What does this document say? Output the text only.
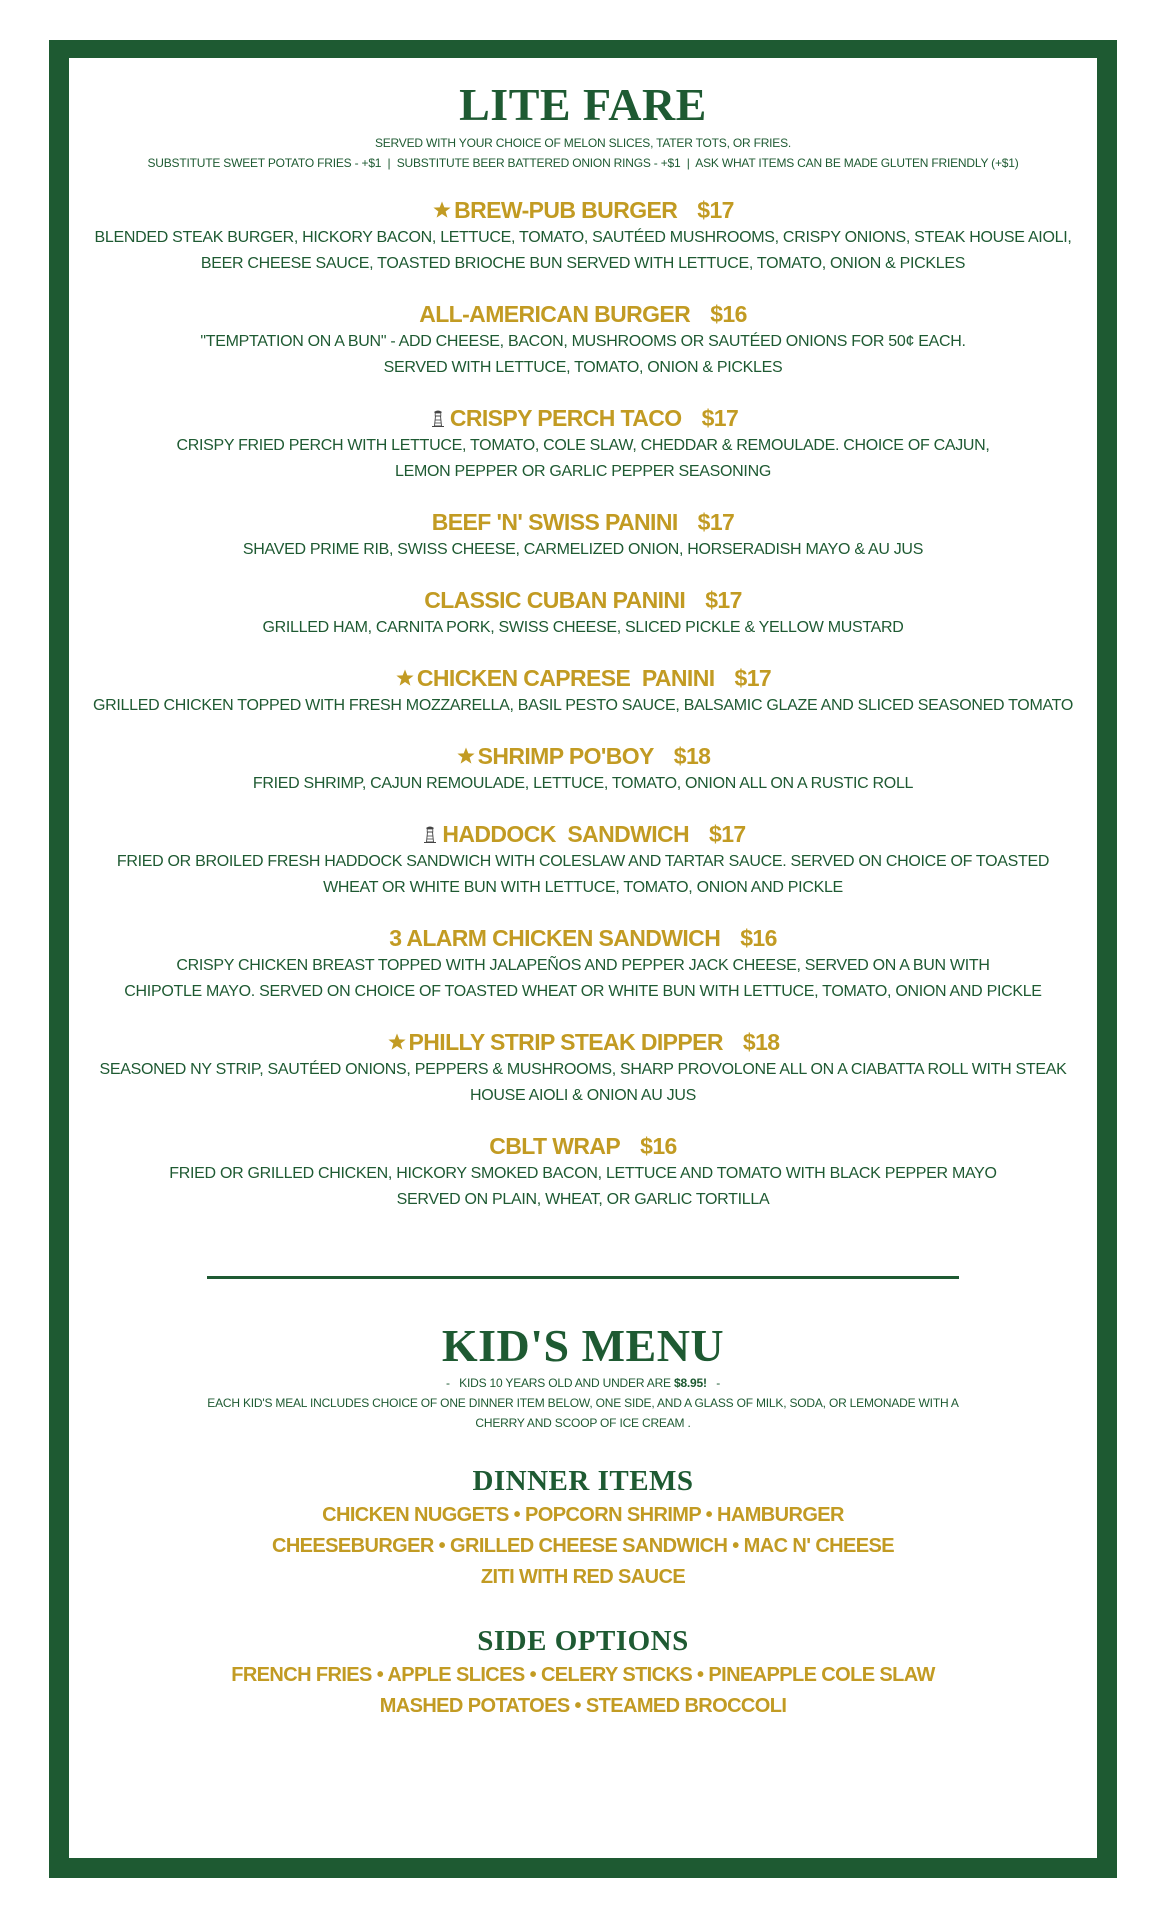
LITE FARE
SERVED WITH YOUR CHOICE OF MELON SLICES, TATER TOTS, OR FRIES.
SUBSTITUTE SWEET POTATO FRIES - +$1  |  SUBSTITUTE BEER BATTERED ONION RINGS - +$1  |  ASK WHAT ITEMS CAN BE MADE GLUTEN FRIENDLY (+$1)
BREW-PUB BURGER $17
BLENDED STEAK BURGER, HICKORY BACON, LETTUCE, TOMATO, SAUTÉED MUSHROOMS, CRISPY ONIONS, STEAK HOUSE AIOLI,
BEER CHEESE SAUCE, TOASTED BRIOCHE BUN SERVED WITH LETTUCE, TOMATO, ONION & PICKLES
ALL-AMERICAN BURGER $16
"TEMPTATION ON A BUN" - ADD CHEESE, BACON, MUSHROOMS OR SAUTÉED ONIONS FOR 50¢ EACH.
SERVED WITH LETTUCE, TOMATO, ONION & PICKLES
CRISPY PERCH TACO $17
CRISPY FRIED PERCH WITH LETTUCE, TOMATO, COLE SLAW, CHEDDAR & REMOULADE. CHOICE OF CAJUN,
LEMON PEPPER OR GARLIC PEPPER SEASONING
BEEF 'N' SWISS PANINI $17
SHAVED PRIME RIB, SWISS CHEESE, CARMELIZED ONION, HORSERADISH MAYO & AU JUS
CLASSIC CUBAN PANINI $17
GRILLED HAM, CARNITA PORK, SWISS CHEESE, SLICED PICKLE & YELLOW MUSTARD
CHICKEN CAPRESE  PANINI $17
GRILLED CHICKEN TOPPED WITH FRESH MOZZARELLA, BASIL PESTO SAUCE, BALSAMIC GLAZE AND SLICED SEASONED TOMATO
SHRIMP PO'BOY $18
FRIED SHRIMP, CAJUN REMOULADE, LETTUCE, TOMATO, ONION ALL ON A RUSTIC ROLL
HADDOCK  SANDWICH $17
FRIED OR BROILED FRESH HADDOCK SANDWICH WITH COLESLAW AND TARTAR SAUCE. SERVED ON CHOICE OF TOASTED
WHEAT OR WHITE BUN WITH LETTUCE, TOMATO, ONION AND PICKLE
3 ALARM CHICKEN SANDWICH $16
CRISPY CHICKEN BREAST TOPPED WITH JALAPEÑOS AND PEPPER JACK CHEESE, SERVED ON A BUN WITH
CHIPOTLE MAYO. SERVED ON CHOICE OF TOASTED WHEAT OR WHITE BUN WITH LETTUCE, TOMATO, ONION AND PICKLE
PHILLY STRIP STEAK DIPPER $18
SEASONED NY STRIP, SAUTÉED ONIONS, PEPPERS & MUSHROOMS, SHARP PROVOLONE ALL ON A CIABATTA ROLL WITH STEAK
HOUSE AIOLI & ONION AU JUS
CBLT WRAP $16
FRIED OR GRILLED CHICKEN, HICKORY SMOKED BACON, LETTUCE AND TOMATO WITH BLACK PEPPER MAYO
SERVED ON PLAIN, WHEAT, OR GARLIC TORTILLA
KID'S MENU
-   KIDS 10 YEARS OLD AND UNDER ARE $8.95!   -
EACH KID'S MEAL INCLUDES CHOICE OF ONE DINNER ITEM BELOW, ONE SIDE, AND A GLASS OF MILK, SODA, OR LEMONADE WITH A
CHERRY AND SCOOP OF ICE CREAM .
DINNER ITEMS
CHICKEN NUGGETS • POPCORN SHRIMP • HAMBURGER
CHEESEBURGER • GRILLED CHEESE SANDWICH • MAC N' CHEESE
ZITI WITH RED SAUCE
SIDE OPTIONS
FRENCH FRIES • APPLE SLICES • CELERY STICKS • PINEAPPLE COLE SLAW
MASHED POTATOES • STEAMED BROCCOLI
